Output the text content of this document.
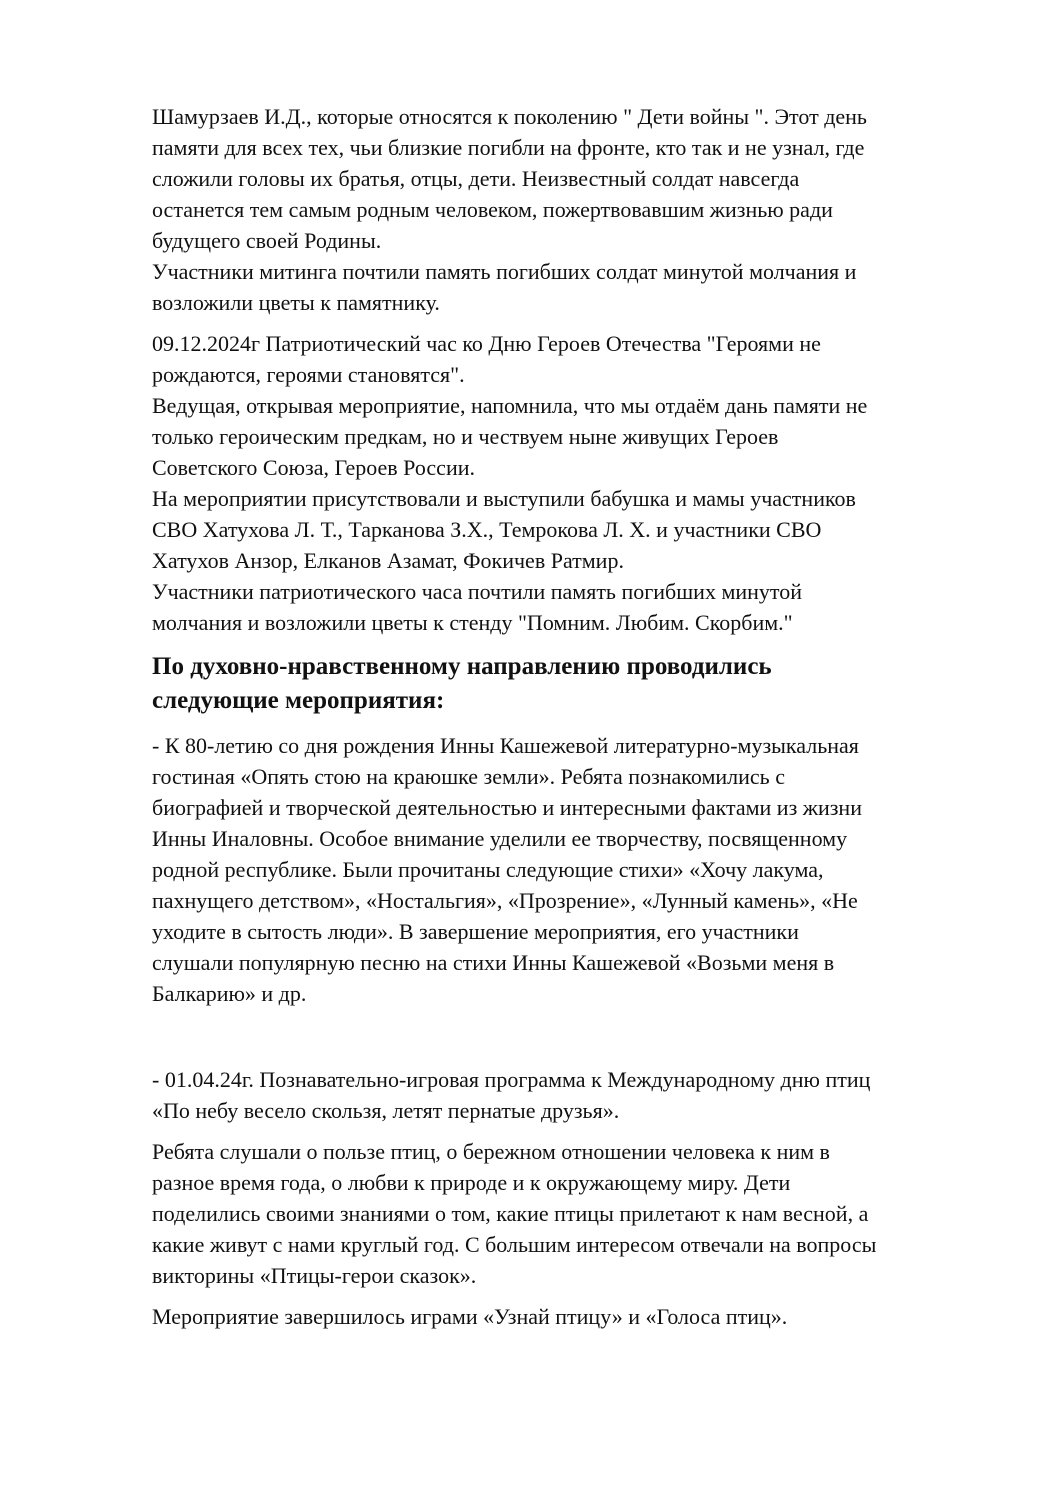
Шамурзаев И.Д., которые относятся к поколению " Дети войны ". Этот день
памяти для всех тех, чьи близкие погибли на фронте, кто так и не узнал, где
сложили головы их братья, отцы, дети. Неизвестный солдат навсегда
останется тем самым родным человеком, пожертвовавшим жизнью ради
будущего своей Родины.
Участники митинга почтили память погибших солдат минутой молчания и
возложили цветы к памятнику.

09.12.2024г Патриотический час ко Дню Героев Отечества "Героями не
рождаются, героями становятся".
Ведущая, открывая мероприятие, напомнила, что мы отдаём дань памяти не
только героическим предкам, но и чествуем ныне живущих Героев
Советского Союза, Героев России.
На мероприятии присутствовали и выступили бабушка и мамы участников
СВО Хатухова Л. Т., Тарканова З.Х., Темрокова Л. Х. и участники СВО
Хатухов Анзор, Елканов Азамат, Фокичев Ратмир.
Участники патриотического часа почтили память погибших минутой
молчания и возложили цветы к стенду "Помним. Любим. Скорбим."

По духовно-нравственному направлению проводились
следующие мероприятия:

- К 80-летию со дня рождения Инны Кашежевой литературно-музыкальная
гостиная «Опять стою на краюшке земли». Ребята познакомились с
биографией и творческой деятельностью и интересными фактами из жизни
Инны Иналовны. Особое внимание уделили ее творчеству, посвященному
родной республике. Были прочитаны следующие стихи» «Хочу лакума,
пахнущего детством», «Ностальгия», «Прозрение», «Лунный камень», «Не
уходите в сытость люди». В завершение мероприятия, его участники
слушали популярную песню на стихи Инны Кашежевой «Возьми меня в
Балкарию» и др.

- 01.04.24г. Познавательно-игровая программа к Международному дню птиц
«По небу весело скользя, летят пернатые друзья».

Ребята слушали о пользе птиц, о бережном отношении человека к ним в
разное время года, о любви к природе и к окружающему миру. Дети
поделились своими знаниями о том, какие птицы прилетают к нам весной, а
какие живут с нами круглый год. С большим интересом отвечали на вопросы
викторины «Птицы-герои сказок».

Мероприятие завершилось играми «Узнай птицу» и «Голоса птиц».
